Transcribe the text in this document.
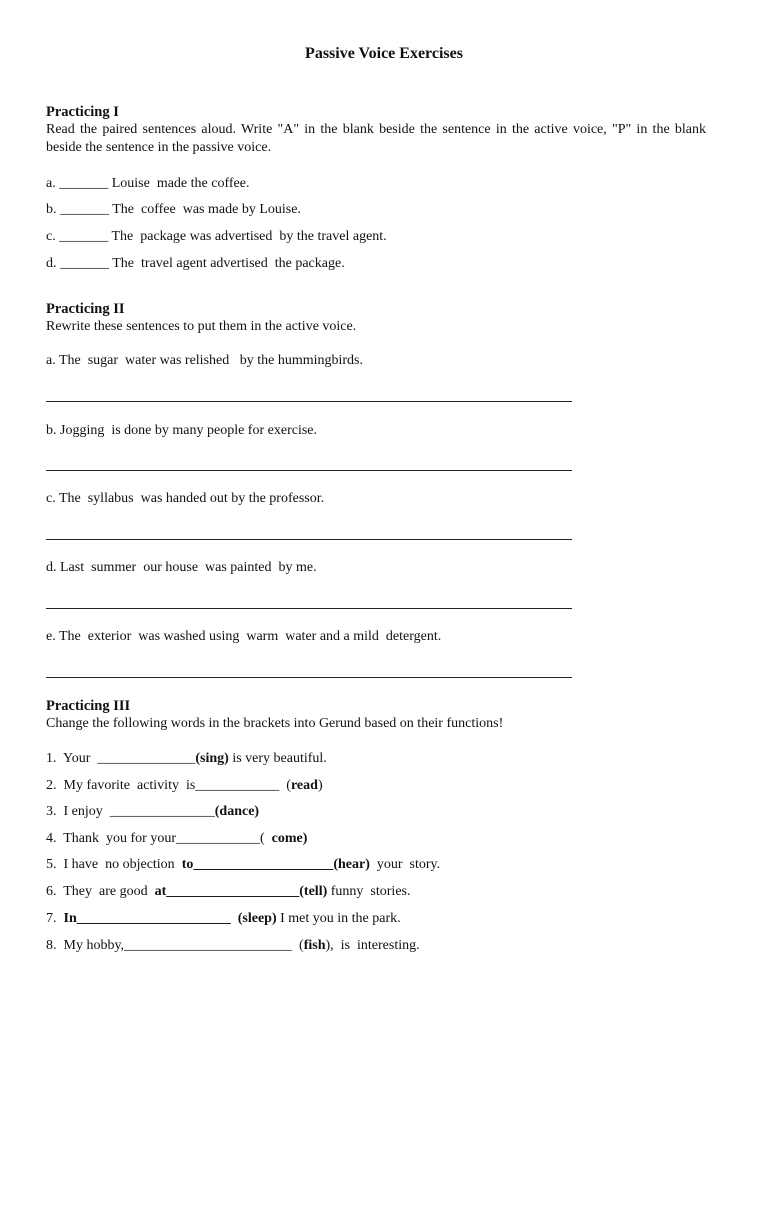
Passive Voice Exercises
Practicing I
Read the paired sentences aloud. Write "A" in the blank beside the sentence in the active voice, "P" in the blank beside the sentence in the passive voice.
a. _______ Louise  made the coffee.
b. _______ The  coffee  was made by Louise.
c. _______ The  package was advertised  by the travel agent.
d. _______ The  travel agent advertised  the package.
Practicing II
Rewrite these sentences to put them in the active voice.
a. The  sugar  water was relished   by the hummingbirds.
b. Jogging  is done by many people for exercise.
c. The  syllabus  was handed out by the professor.
d. Last  summer  our house  was painted  by me.
e. The  exterior  was washed using  warm  water and a mild  detergent.
Practicing III
Change the following words in the brackets into Gerund based on their functions!
1.  Your  ______________(sing) is very beautiful.
2.  My favorite  activity  is____________  (read)
3.  I enjoy  _______________(dance)
4.  Thank  you for your____________(  come)
5.  I have  no objection  to____________________(hear)  your  story.
6.  They  are good  at___________________(tell) funny  stories.
7.  In______________________  (sleep) I met you in the park.
8.  My hobby,________________________  (fish),  is  interesting.
